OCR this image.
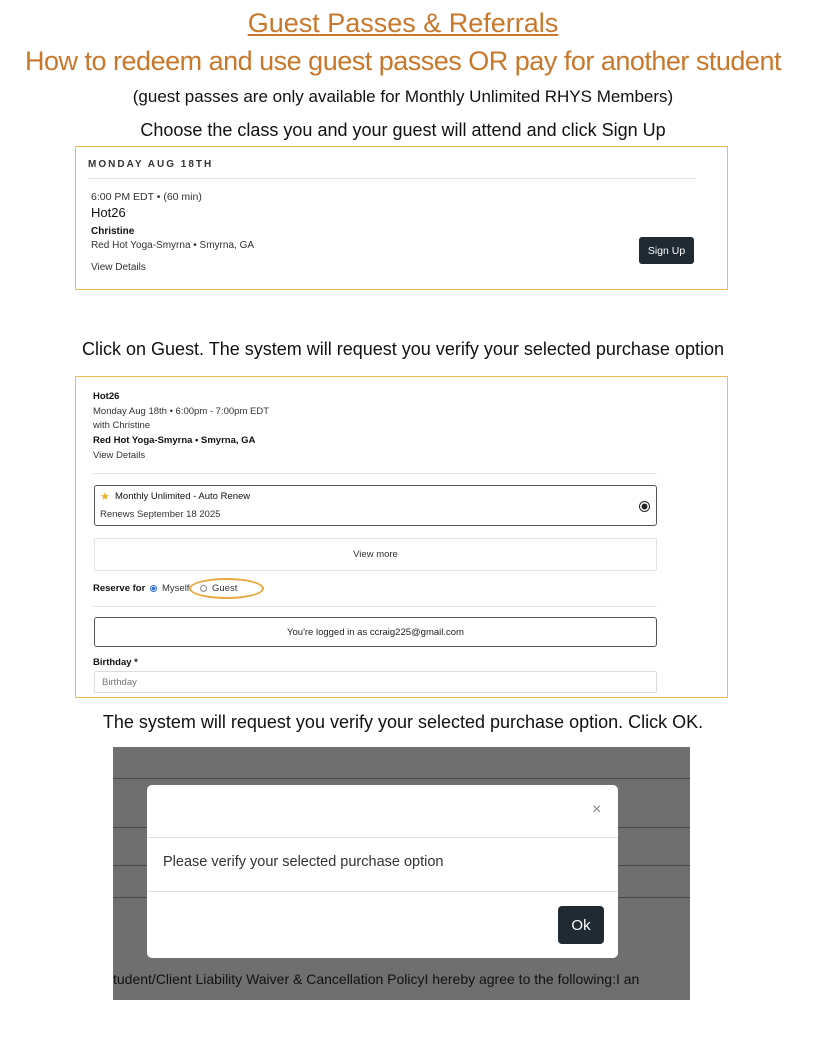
Guest Passes & Referrals
How to redeem and use guest passes OR pay for another student
(guest passes are only available for Monthly Unlimited RHYS Members)
Choose the class you and your guest will attend and click Sign Up
MONDAY AUG 18TH
6:00 PM EDT • (60 min)
Hot26
Christine
Red Hot Yoga-Smyrna • Smyrna, GA
View Details
Sign Up
Click on Guest. The system will request you verify your selected purchase option
Hot26
Monday Aug 18th • 6:00pm - 7:00pm EDT
with Christine
Red Hot Yoga-Smyrna • Smyrna, GA
View Details
★ Monthly Unlimited - Auto Renew
Renews September 18 2025
View more
Reserve for Myself Guest
You're logged in as ccraig225@gmail.com
Birthday *
Birthday
The system will request you verify your selected purchase option. Click OK.
×
Please verify your selected purchase option
Ok
tudent/Client Liability Waiver & Cancellation PolicyI hereby agree to the following:I an
